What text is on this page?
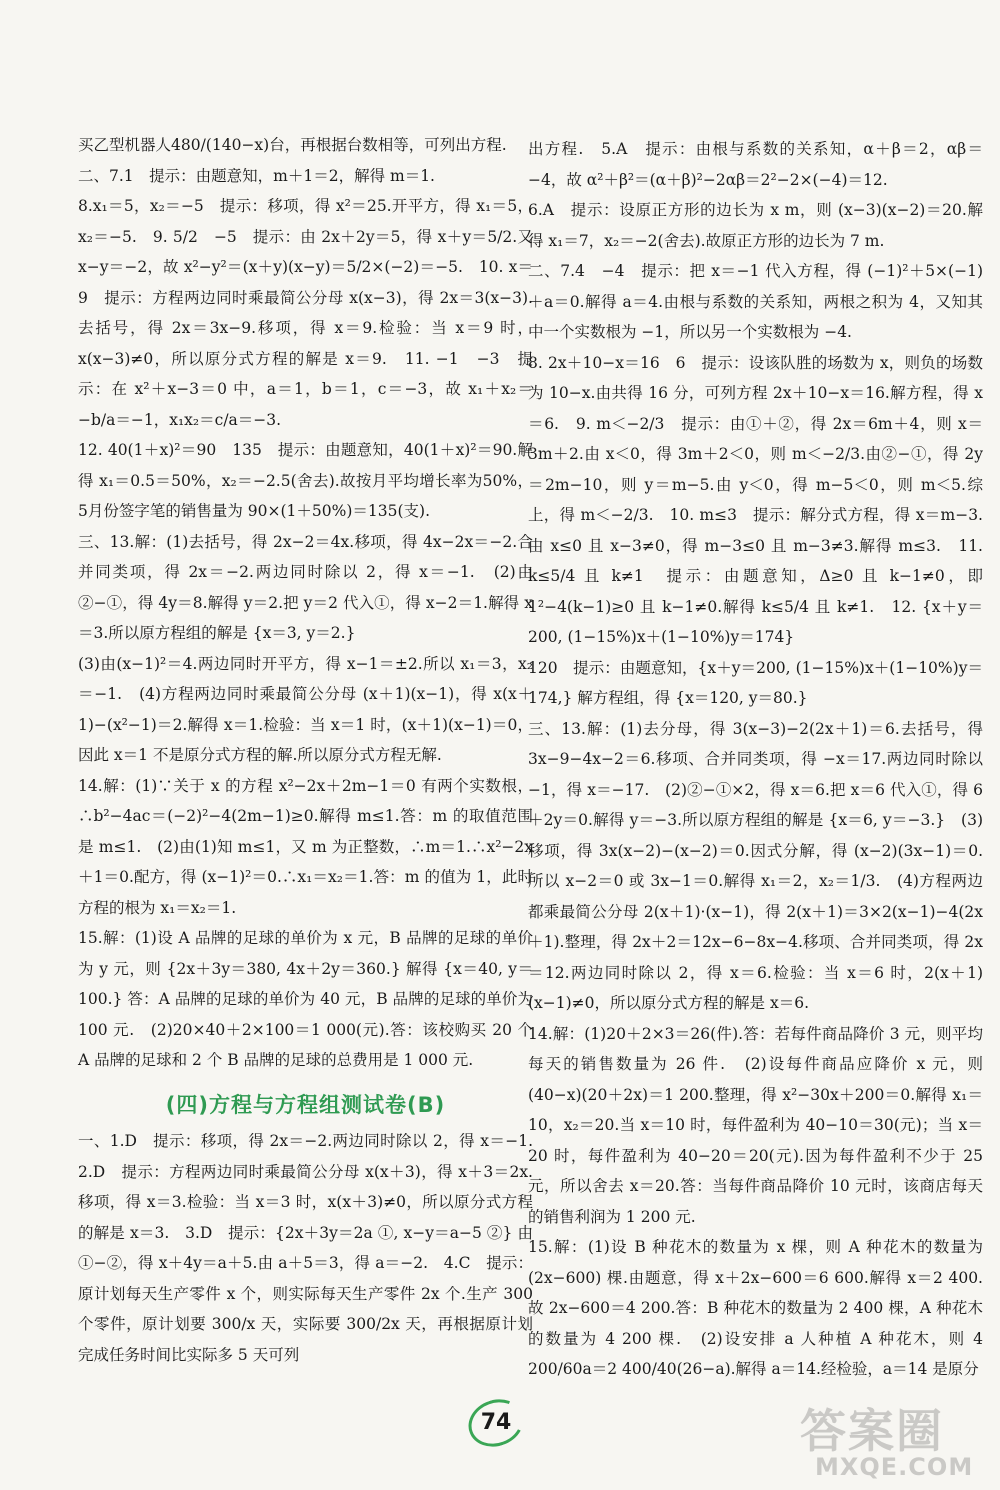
买乙型机器人480/(140−x)台，再根据台数相等，可列出方程.

二、7.1　提示：由题意知，m＋1＝2，解得 m＝1.

8.x₁＝5，x₂＝−5　提示：移项，得 x²＝25.开平方，得 x₁＝5，x₂＝−5.　9. 5/2　−5　提示：由 2x＋2y＝5，得 x＋y＝5/2.又 x−y＝−2，故 x²−y²＝(x＋y)(x−y)＝5/2×(−2)＝−5.　10. x＝9　提示：方程两边同时乘最简公分母 x(x−3)，得 2x＝3(x−3).去括号，得 2x＝3x−9.移项，得 x＝9.检验：当 x＝9 时，x(x−3)≠0，所以原分式方程的解是 x＝9.　11. −1　−3　提示：在 x²＋x−3＝0 中，a＝1，b＝1，c＝−3，故 x₁＋x₂＝−b/a＝−1，x₁x₂＝c/a＝−3.

12. 40(1＋x)²＝90　135　提示：由题意知，40(1＋x)²＝90.解得 x₁＝0.5＝50%，x₂＝−2.5(舍去).故按月平均增长率为50%，5月份签字笔的销售量为 90×(1＋50%)＝135(支).

三、13.解：(1)去括号，得 2x−2＝4x.移项，得 4x−2x＝−2.合并同类项，得 2x＝−2.两边同时除以 2，得 x＝−1.　(2)由②−①，得 4y＝8.解得 y＝2.把 y＝2 代入①，得 x−2＝1.解得 x＝3.所以原方程组的解是 {x＝3, y＝2.}

(3)由(x−1)²＝4.两边同时开平方，得 x−1＝±2.所以 x₁＝3，x₂＝−1.　(4)方程两边同时乘最简公分母 (x＋1)(x−1)，得 x(x＋1)−(x²−1)＝2.解得 x＝1.检验：当 x＝1 时，(x＋1)(x−1)＝0，因此 x＝1 不是原分式方程的解.所以原分式方程无解.

14.解：(1)∵关于 x 的方程 x²−2x＋2m−1＝0 有两个实数根，∴b²−4ac＝(−2)²−4(2m−1)≥0.解得 m≤1.答：m 的取值范围是 m≤1.　(2)由(1)知 m≤1，又 m 为正整数，∴m＝1.∴x²−2x＋1＝0.配方，得 (x−1)²＝0.∴x₁＝x₂＝1.答：m 的值为 1，此时方程的根为 x₁＝x₂＝1.

15.解：(1)设 A 品牌的足球的单价为 x 元，B 品牌的足球的单价为 y 元，则 {2x＋3y＝380, 4x＋2y＝360.} 解得 {x＝40, y＝100.} 答：A 品牌的足球的单价为 40 元，B 品牌的足球的单价为 100 元.　(2)20×40＋2×100＝1 000(元).答：该校购买 20 个 A 品牌的足球和 2 个 B 品牌的足球的总费用是 1 000 元.

(四)方程与方程组测试卷(B)

一、1.D　提示：移项，得 2x＝−2.两边同时除以 2，得 x＝−1.　2.D　提示：方程两边同时乘最简公分母 x(x＋3)，得 x＋3＝2x.移项，得 x＝3.检验：当 x＝3 时，x(x＋3)≠0，所以原分式方程的解是 x＝3.　3.D　提示：{2x＋3y＝2a ①, x−y＝a−5 ②} 由①−②，得 x＋4y＝a＋5.由 a＋5＝3，得 a＝−2.　4.C　提示：原计划每天生产零件 x 个，则实际每天生产零件 2x 个.生产 300 个零件，原计划要 300/x 天，实际要 300/2x 天，再根据原计划完成任务时间比实际多 5 天可列

出方程.　5.A　提示：由根与系数的关系知，α＋β＝2，αβ＝−4，故 α²＋β²＝(α＋β)²−2αβ＝2²−2×(−4)＝12.

6.A　提示：设原正方形的边长为 x m，则 (x−3)(x−2)＝20.解得 x₁＝7，x₂＝−2(舍去).故原正方形的边长为 7 m.

二、7.4　−4　提示：把 x＝−1 代入方程，得 (−1)²＋5×(−1)＋a＝0.解得 a＝4.由根与系数的关系知，两根之积为 4，又知其中一个实数根为 −1，所以另一个实数根为 −4.

8. 2x＋10−x＝16　6　提示：设该队胜的场数为 x，则负的场数为 10−x.由共得 16 分，可列方程 2x＋10−x＝16.解方程，得 x＝6.　9. m＜−2/3　提示：由①＋②，得 2x＝6m＋4，则 x＝3m＋2.由 x＜0，得 3m＋2＜0，则 m＜−2/3.由②−①，得 2y＝2m−10，则 y＝m−5.由 y＜0，得 m−5＜0，则 m＜5.综上，得 m＜−2/3.　10. m≤3　提示：解分式方程，得 x＝m−3.由 x≤0 且 x−3≠0，得 m−3≤0 且 m−3≠3.解得 m≤3.　11. k≤5/4 且 k≠1　提示：由题意知，Δ≥0 且 k−1≠0，即 1²−4(k−1)≥0 且 k−1≠0.解得 k≤5/4 且 k≠1.　12. {x＋y＝200, (1−15%)x＋(1−10%)y＝174}

120　提示：由题意知，{x＋y＝200, (1−15%)x＋(1−10%)y＝174,} 解方程组，得 {x＝120, y＝80.}

三、13.解：(1)去分母，得 3(x−3)−2(2x＋1)＝6.去括号，得 3x−9−4x−2＝6.移项、合并同类项，得 −x＝17.两边同时除以 −1，得 x＝−17.　(2)②−①×2，得 x＝6.把 x＝6 代入①，得 6＋2y＝0.解得 y＝−3.所以原方程组的解是 {x＝6, y＝−3.}　(3)移项，得 3x(x−2)−(x−2)＝0.因式分解，得 (x−2)(3x−1)＝0.所以 x−2＝0 或 3x−1＝0.解得 x₁＝2，x₂＝1/3.　(4)方程两边都乘最简公分母 2(x＋1)·(x−1)，得 2(x＋1)＝3×2(x−1)−4(2x＋1).整理，得 2x＋2＝12x−6−8x−4.移项、合并同类项，得 2x＝12.两边同时除以 2，得 x＝6.检验：当 x＝6 时，2(x＋1)(x−1)≠0，所以原分式方程的解是 x＝6.

14.解：(1)20＋2×3＝26(件).答：若每件商品降价 3 元，则平均每天的销售数量为 26 件.　(2)设每件商品应降价 x 元，则 (40−x)(20＋2x)＝1 200.整理，得 x²−30x＋200＝0.解得 x₁＝10，x₂＝20.当 x＝10 时，每件盈利为 40−10＝30(元)；当 x＝20 时，每件盈利为 40−20＝20(元).因为每件盈利不少于 25 元，所以舍去 x＝20.答：当每件商品降价 10 元时，该商店每天的销售利润为 1 200 元.

15.解：(1)设 B 种花木的数量为 x 棵，则 A 种花木的数量为 (2x−600) 棵.由题意，得 x＋2x−600＝6 600.解得 x＝2 400.故 2x−600＝4 200.答：B 种花木的数量为 2 400 棵，A 种花木的数量为 4 200 棵.　(2)设安排 a 人种植 A 种花木，则 4 200/60a＝2 400/40(26−a).解得 a＝14.经检验，a＝14 是原分

74	答案圈
MXQE.COM
